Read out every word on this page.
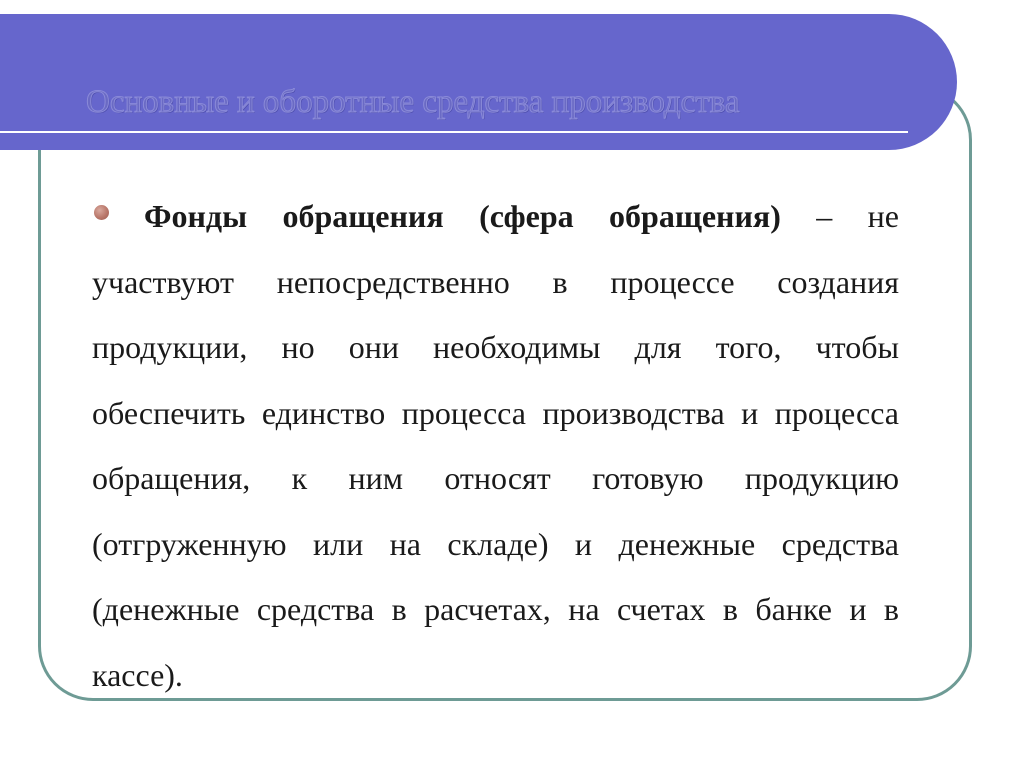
Основные и оборотные средства производства

Фонды обращения (сфера обращения) – не участвуют непосредственно в процессе создания продукции, но они необходимы для того, чтобы обеспечить единство процесса производства и процесса обращения, к ним относят готовую продукцию (отгруженную или на складе) и денежные средства (денежные средства в расчетах, на счетах в банке и в кассе).
